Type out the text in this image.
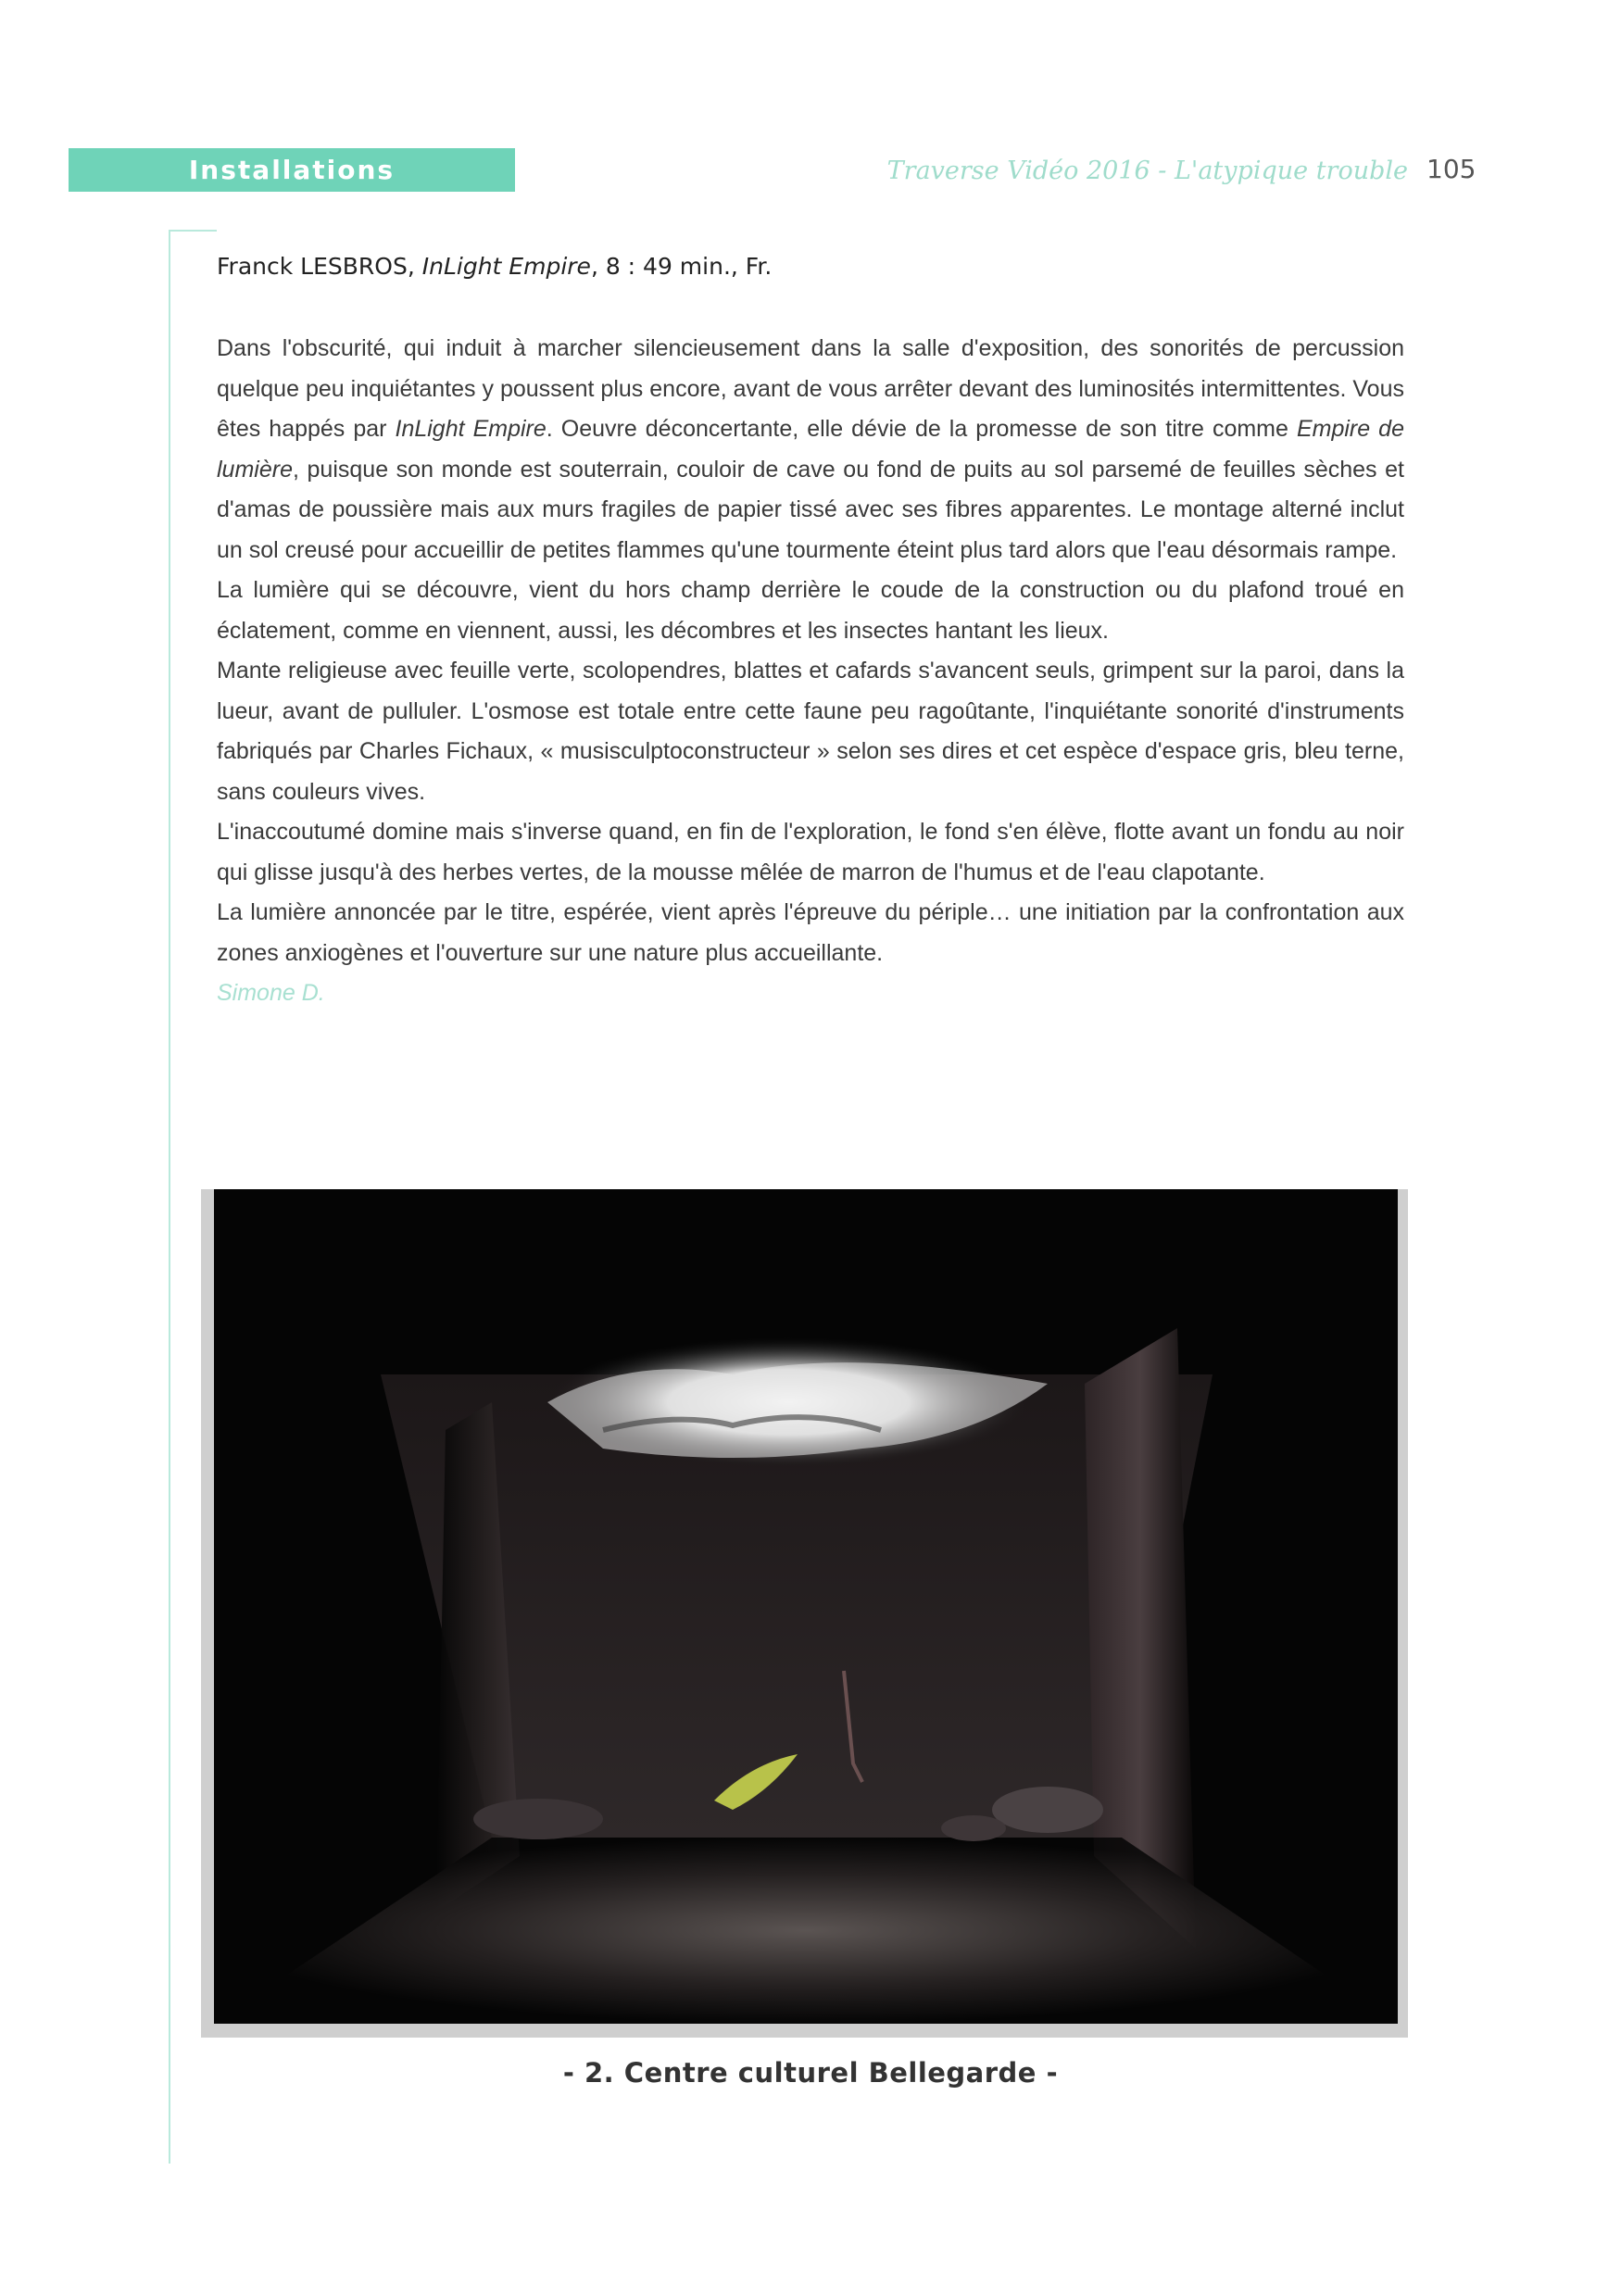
Installations	Traverse Vidéo 2016 - L'atypique trouble 105
Franck LESBROS, InLight Empire, 8 : 49 min., Fr.

Dans l'obscurité, qui induit à marcher silencieusement dans la salle d'exposition, des sonorités de percussion quelque peu inquiétantes y poussent plus encore, avant de vous arrêter devant des luminosités intermittentes. Vous êtes happés par InLight Empire. Oeuvre déconcertante, elle dévie de la promesse de son titre comme Empire de lumière, puisque son monde est souterrain, couloir de cave ou fond de puits au sol parsemé de feuilles sèches et d'amas de poussière mais aux murs fragiles de papier tissé avec ses fibres apparentes. Le montage alterné inclut un sol creusé pour accueillir de petites flammes qu'une tourmente éteint plus tard alors que l'eau désormais rampe.

La lumière qui se découvre, vient du hors champ derrière le coude de la construction ou du plafond troué en éclatement, comme en viennent, aussi, les décombres et les insectes hantant les lieux.

Mante religieuse avec feuille verte, scolopendres, blattes et cafards s'avancent seuls, grimpent sur la paroi, dans la lueur, avant de pulluler. L'osmose est totale entre cette faune peu ragoûtante, l'inquiétante sonorité d'instruments fabriqués par Charles Fichaux, « musisculptoconstructeur » selon ses dires et cet espèce d'espace gris, bleu terne, sans couleurs vives.

L'inaccoutumé domine mais s'inverse quand, en fin de l'exploration, le fond s'en élève, flotte avant un fondu au noir qui glisse jusqu'à des herbes vertes, de la mousse mêlée de marron de l'humus et de l'eau clapotante.

La lumière annoncée par le titre, espérée, vient après l'épreuve du périple… une initiation par la confrontation aux zones anxiogènes et l'ouverture sur une nature plus accueillante.

Simone D.

- 2. Centre culturel Bellegarde -
